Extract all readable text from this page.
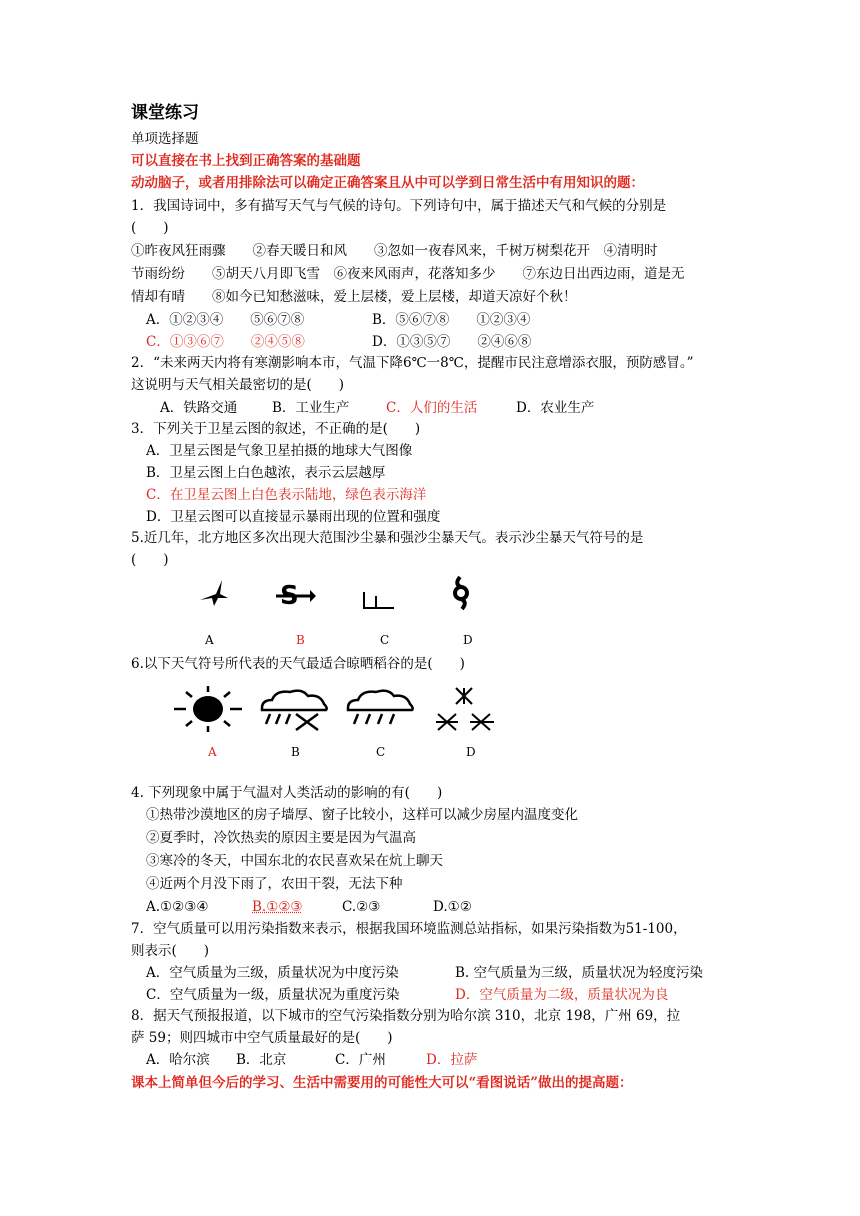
课堂练习
单项选择题
可以直接在书上找到正确答案的基础题
动动脑子，或者用排除法可以确定正确答案且从中可以学到日常生活中有用知识的题：
1．我国诗词中，多有描写天气与气候的诗句。下列诗句中，属于描述天气和气候的分别是
(　　)
①昨夜风狂雨骤　　②春天暖日和风　　③忽如一夜春风来，千树万树梨花开　④清明时
节雨纷纷　　⑤胡天八月即飞雪　⑥夜来风雨声，花落知多少　　⑦东边日出西边雨，道是无
情却有晴　　⑧如今已知愁滋味，爱上层楼，爱上层楼，却道天凉好个秋！
A．①②③④　　⑤⑥⑦⑧	B．⑤⑥⑦⑧　　①②③④
C．①③⑥⑦　　②④⑤⑧	D．①③⑤⑦　　②④⑥⑧
2．“未来两天内将有寒潮影响本市，气温下降6℃一8℃，提醒市民注意增添衣服，预防感冒。”
这说明与天气相关最密切的是(　　)
A．铁路交通	B．工业生产	C．人们的生活	D．农业生产
3．下列关于卫星云图的叙述，不正确的是(　　)
A．卫星云图是气象卫星拍摄的地球大气图像
B．卫星云图上白色越浓，表示云层越厚
C．在卫星云图上白色表示陆地，绿色表示海洋
D．卫星云图可以直接显示暴雨出现的位置和强度
5.近几年，北方地区多次出现大范围沙尘暴和强沙尘暴天气。表示沙尘暴天气符号的是
(　　)
S
A	B	C	D
6.以下天气符号所代表的天气最适合晾晒稻谷的是(　　)
A	B	C	D
4. 下列现象中属于气温对人类活动的影响的有(　　)
①热带沙漠地区的房子墙厚、窗子比较小，这样可以减少房屋内温度变化
②夏季时，冷饮热卖的原因主要是因为气温高
③寒冷的冬天，中国东北的农民喜欢呆在炕上聊天
④近两个月没下雨了，农田干裂，无法下种
A.①②③④	B.①②③	C.②③	D.①②
7．空气质量可以用污染指数来表示，根据我国环境监测总站指标，如果污染指数为51-100，
则表示(　　)
A．空气质量为三级，质量状况为中度污染	B. 空气质量为三级，质量状况为轻度污染
C．空气质量为一级，质量状况为重度污染	D．空气质量为二级，质量状况为良
8．据天气预报报道，以下城市的空气污染指数分别为哈尔滨 310，北京 198，广州 69，拉
萨 59；则四城市中空气质量最好的是(　　)
A．哈尔滨 B．北京	C．广州	D．拉萨
课本上简单但今后的学习、生活中需要用的可能性大可以“看图说话”做出的提高题：
